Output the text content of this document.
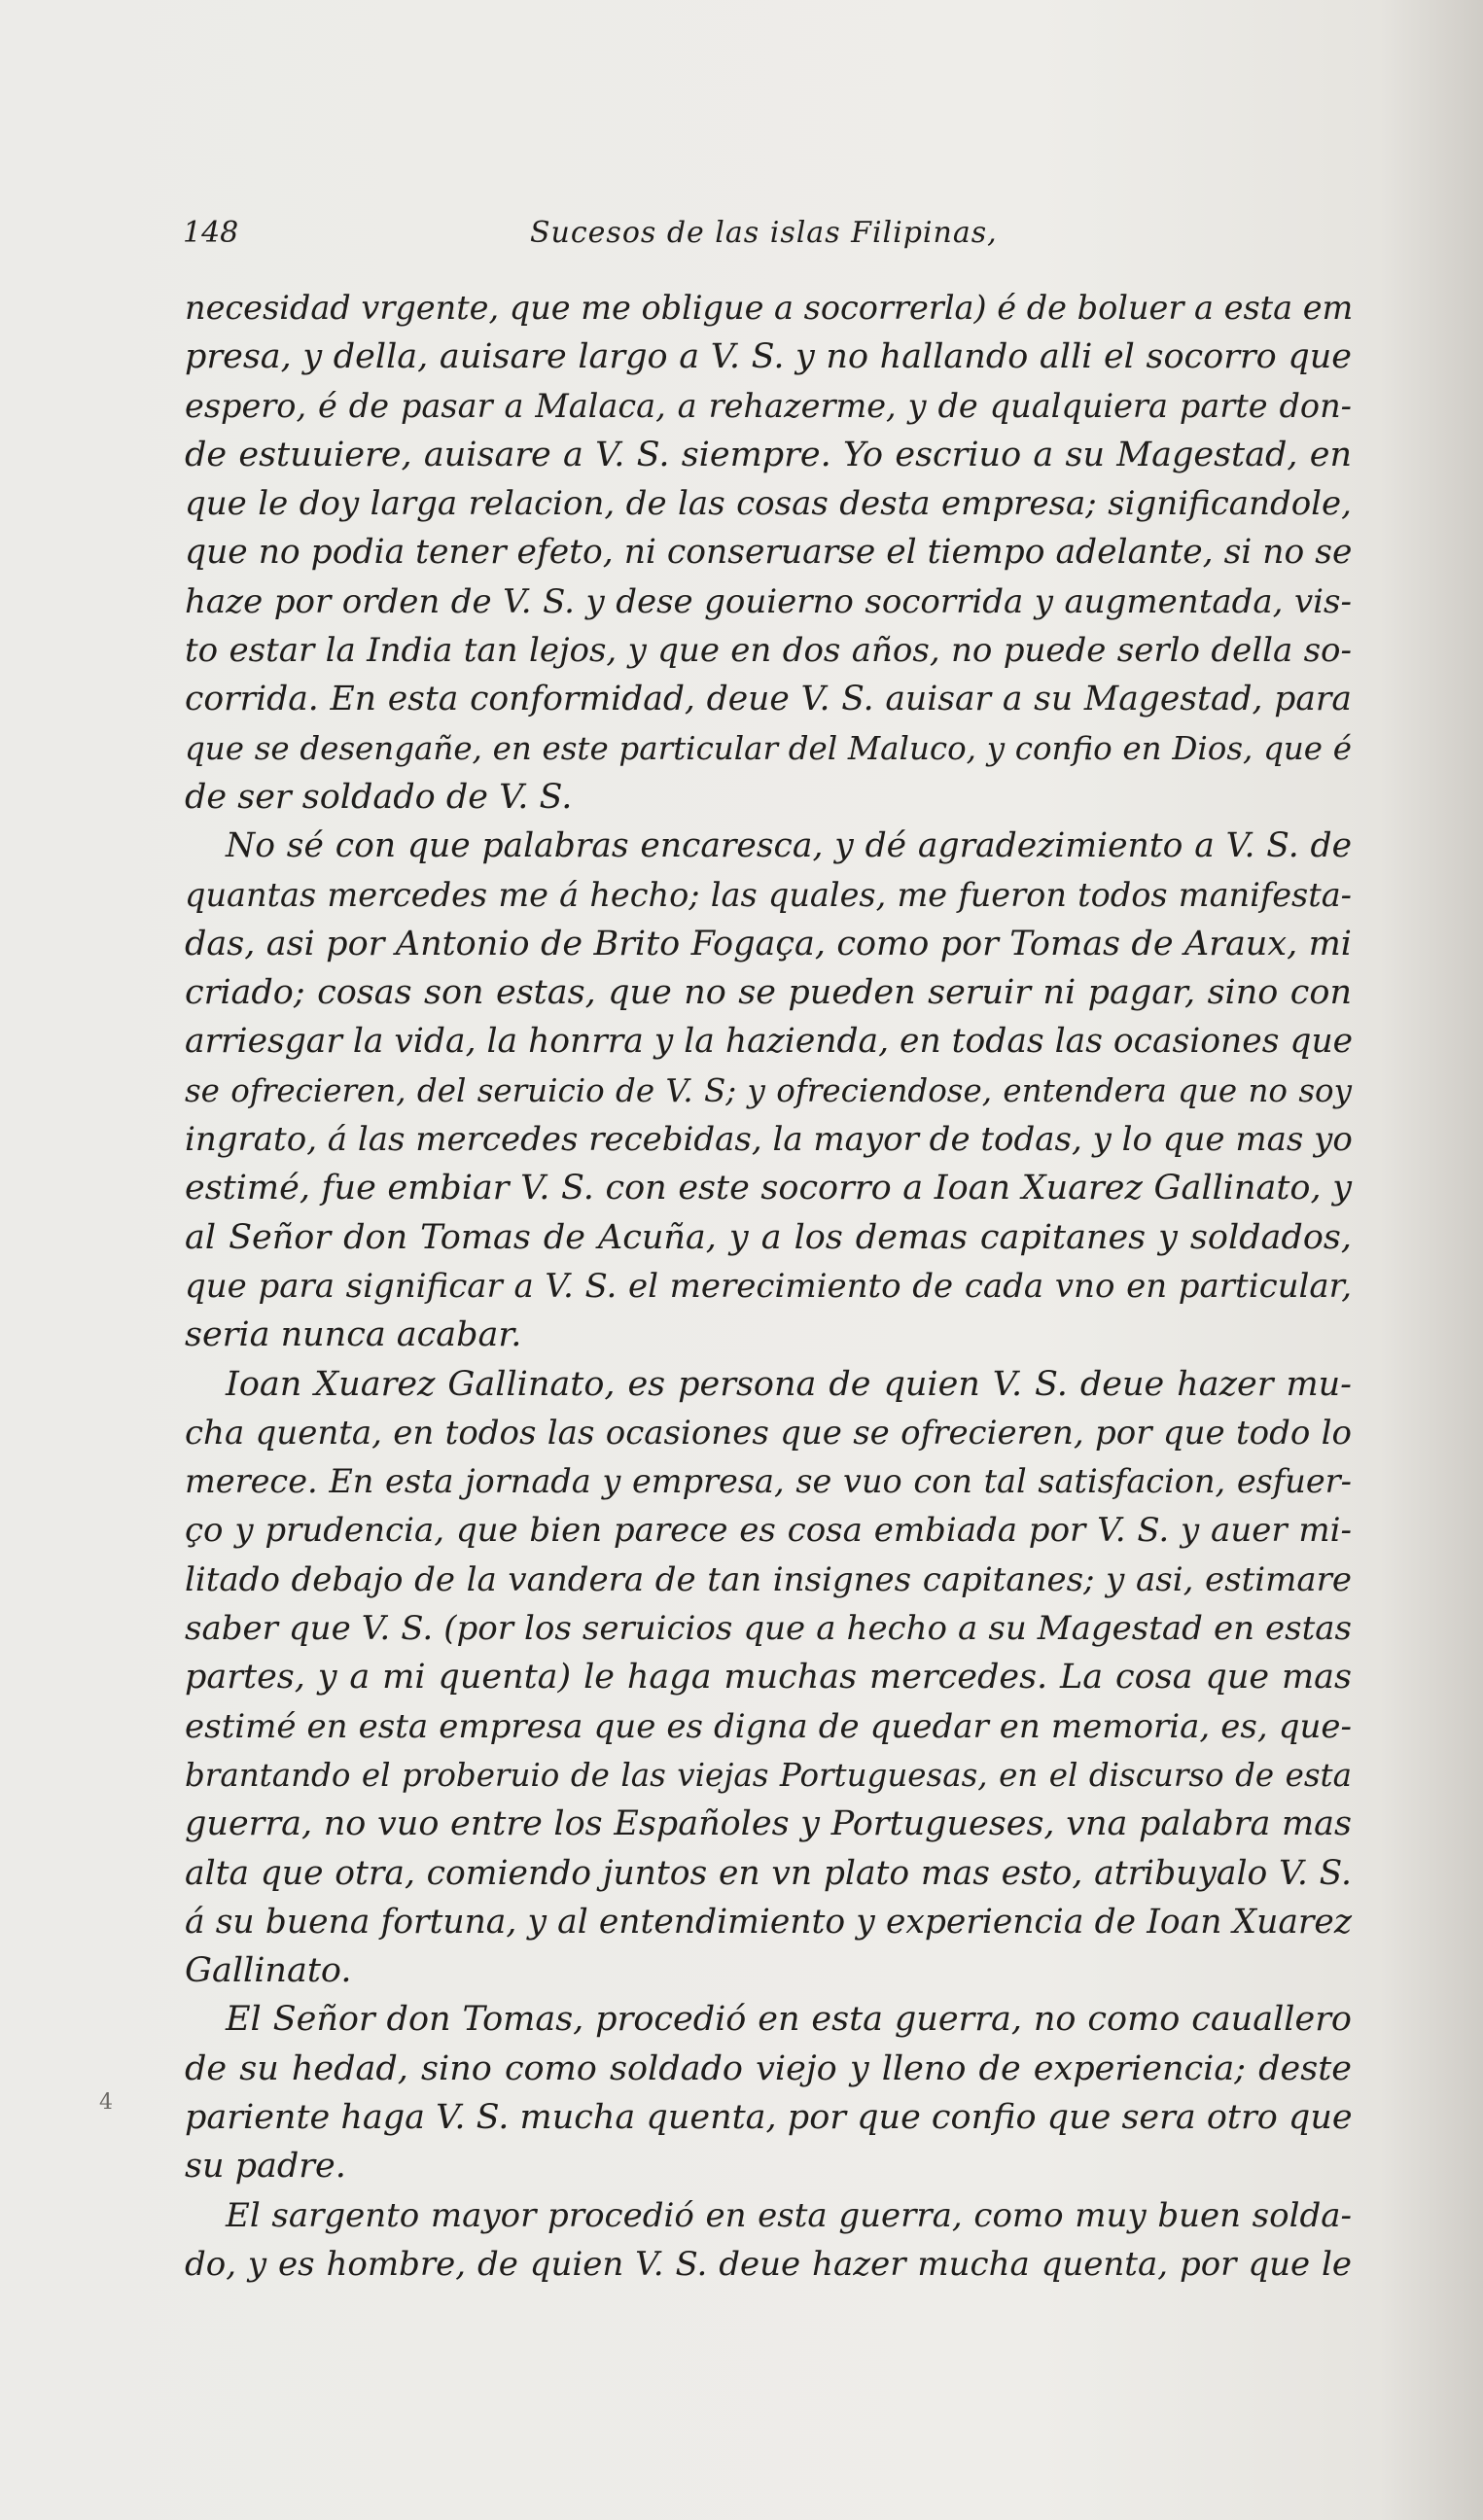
148	Sucesos de las islas Filipinas,
4
necesidad vrgente, que me obligue a socorrerla) é de boluer a esta em
presa, y della, auisare largo a V. S. y no hallando alli el socorro que
espero, é de pasar a Malaca, a rehazerme, y de qualquiera parte don-
de estuuiere, auisare a V. S. siempre. Yo escriuo a su Magestad, en
que le doy larga relacion, de las cosas desta empresa; significandole,
que no podia tener efeto, ni conseruarse el tiempo adelante, si no se
haze por orden de V. S. y dese gouierno socorrida y augmentada, vis-
to estar la India tan lejos, y que en dos años, no puede serlo della so-
corrida. En esta conformidad, deue V. S. auisar a su Magestad, para
que se desengañe, en este particular del Maluco, y confio en Dios, que é
de ser soldado de V. S.
No sé con que palabras encaresca, y dé agradezimiento a V. S. de
quantas mercedes me á hecho; las quales, me fueron todos manifesta-
das, asi por Antonio de Brito Fogaça, como por Tomas de Araux, mi
criado; cosas son estas, que no se pueden seruir ni pagar, sino con
arriesgar la vida, la honrra y la hazienda, en todas las ocasiones que
se ofrecieren, del seruicio de V. S; y ofreciendose, entendera que no soy
ingrato, á las mercedes recebidas, la mayor de todas, y lo que mas yo
estimé, fue embiar V. S. con este socorro a Ioan Xuarez Gallinato, y
al Señor don Tomas de Acuña, y a los demas capitanes y soldados,
que para significar a V. S. el merecimiento de cada vno en particular,
seria nunca acabar.
Ioan Xuarez Gallinato, es persona de quien V. S. deue hazer mu-
cha quenta, en todos las ocasiones que se ofrecieren, por que todo lo
merece. En esta jornada y empresa, se vuo con tal satisfacion, esfuer-
ço y prudencia, que bien parece es cosa embiada por V. S. y auer mi-
litado debajo de la vandera de tan insignes capitanes; y asi, estimare
saber que V. S. (por los seruicios que a hecho a su Magestad en estas
partes, y a mi quenta) le haga muchas mercedes. La cosa que mas
estimé en esta empresa que es digna de quedar en memoria, es, que-
brantando el proberuio de las viejas Portuguesas, en el discurso de esta
guerra, no vuo entre los Españoles y Portugueses, vna palabra mas
alta que otra, comiendo juntos en vn plato mas esto, atribuyalo V. S.
á su buena fortuna, y al entendimiento y experiencia de Ioan Xuarez
Gallinato.
El Señor don Tomas, procedió en esta guerra, no como cauallero
de su hedad, sino como soldado viejo y lleno de experiencia; deste
pariente haga V. S. mucha quenta, por que confio que sera otro que
su padre.
El sargento mayor procedió en esta guerra, como muy buen solda-
do, y es hombre, de quien V. S. deue hazer mucha quenta, por que le
